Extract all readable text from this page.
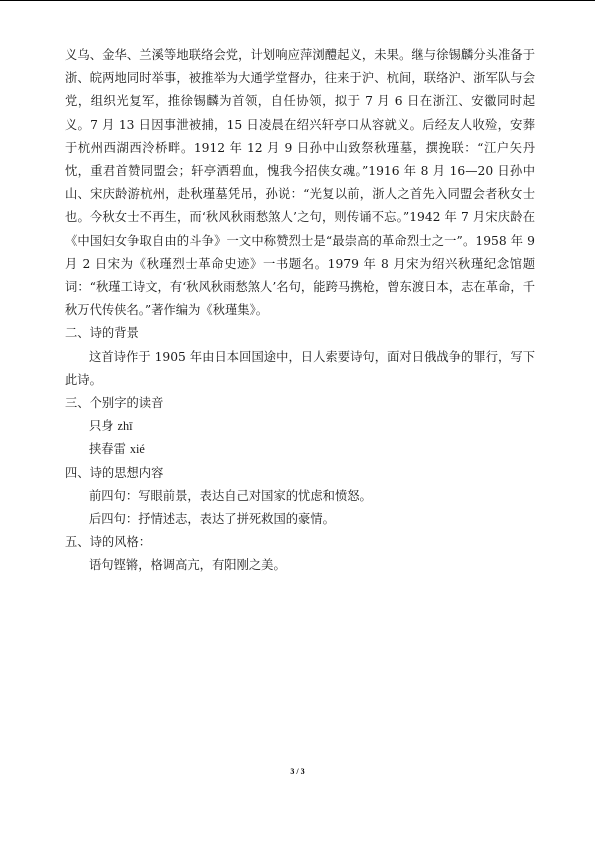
义乌、金华、兰溪等地联络会党，计划响应萍浏醴起义，未果。继与徐锡麟分头准备于浙、皖两地同时举事，被推举为大通学堂督办，往来于沪、杭间，联络沪、浙军队与会党，组织光复军，推徐锡麟为首领，自任协领，拟于 7 月 6 日在浙江、安徽同时起义。7 月 13 日因事泄被捕，15 日凌晨在绍兴轩亭口从容就义。后经友人收殓，安葬于杭州西湖西泠桥畔。1912 年 12 月 9 日孙中山致祭秋瑾墓，撰挽联：“江户矢丹忱，重君首赞同盟会；轩亭洒碧血，愧我今招侠女魂。”1916 年 8 月 16—20 日孙中山、宋庆龄游杭州，赴秋瑾墓凭吊，孙说：“光复以前，浙人之首先入同盟会者秋女士也。今秋女士不再生，而‘秋风秋雨愁煞人’之句，则传诵不忘。”1942 年 7 月宋庆龄在《中国妇女争取自由的斗争》一文中称赞烈士是“最崇高的革命烈士之一”。1958 年 9 月 2 日宋为《秋瑾烈士革命史迹》一书题名。1979 年 8 月宋为绍兴秋瑾纪念馆题词：“秋瑾工诗文，有‘秋风秋雨愁煞人’名句，能跨马携枪，曾东渡日本，志在革命，千秋万代传侠名。”著作编为《秋瑾集》。

二、诗的背景

这首诗作于 1905 年由日本回国途中，日人索要诗句，面对日俄战争的罪行，写下此诗。

三、个别字的读音

只身 zhī

挟春雷 xié

四、诗的思想内容

前四句：写眼前景，表达自己对国家的忧虑和愤怒。

后四句：抒情述志，表达了拼死救国的豪情。

五、诗的风格：

语句铿锵，格调高亢，有阳刚之美。

3 / 3
